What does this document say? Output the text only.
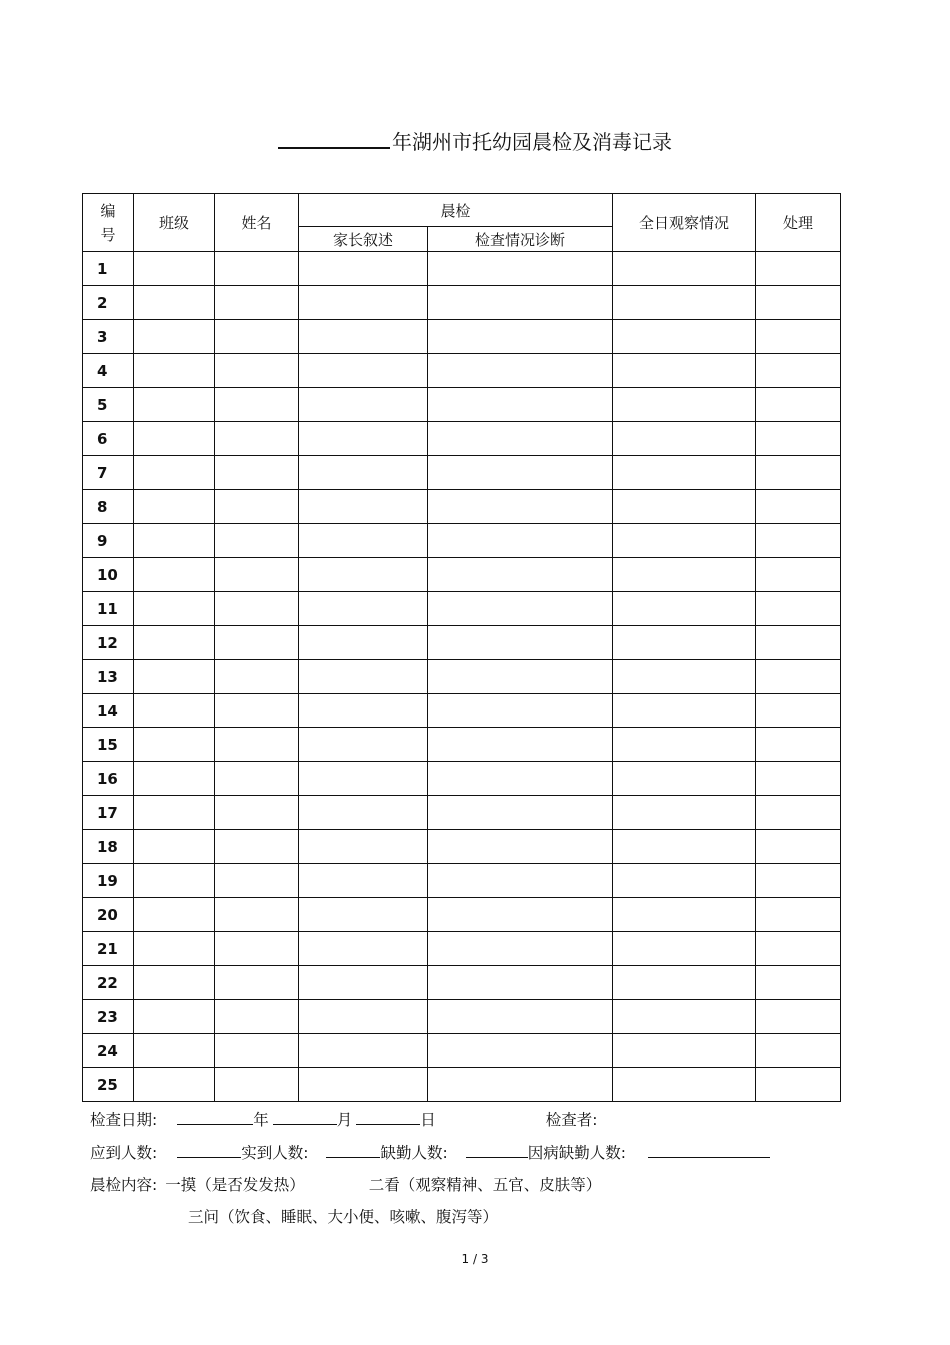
年湖州市托幼园晨检及消毒记录
编
号	班级	姓名	晨检		全日观察情况	处理
			家长叙述	检查情况诊断		
1						
2						
3						
4						
5						
6						
7						
8						
9						
10						
11						
12						
13						
14						
15						
16						
17						
18						
19						
20						
21						
22						
23						
24						
25						
检查日期:	年	月	日	检查者:
应到人数:	实到人数:	缺勤人数:	因病缺勤人数:
晨检内容: 一摸（是否发发热）	二看（观察精神、五官、皮肤等）
三问（饮食、睡眠、大小便、咳嗽、腹泻等）
1 / 3
